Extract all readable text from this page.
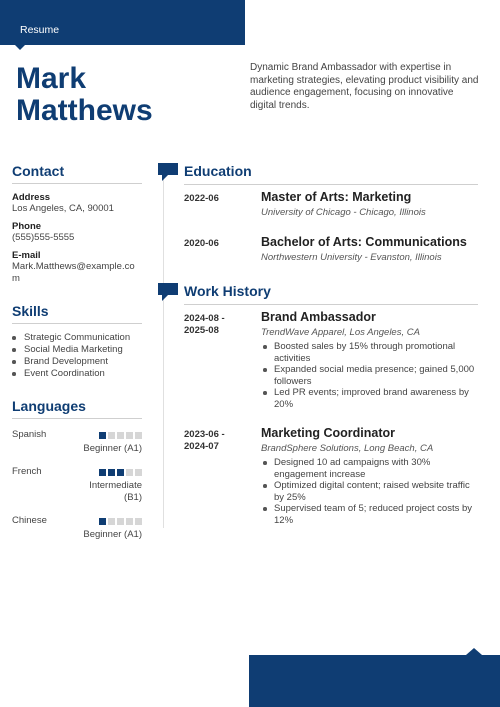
Resume
Mark
Matthews
Dynamic Brand Ambassador with expertise in marketing strategies, elevating product visibility and audience engagement, focusing on innovative digital trends.
Contact
Address
Los Angeles, CA, 90001
Phone
(555)555-5555
E-mail
Mark.Matthews@example.com
Skills
Strategic Communication
Social Media Marketing
Brand Development
Event Coordination
Languages
Spanish
Beginner (A1)
French
Intermediate (B1)
Chinese
Beginner (A1)
Education
2022-06	Master of Arts: Marketing
University of Chicago - Chicago, Illinois
2020-06	Bachelor of Arts: Communications
Northwestern University - Evanston, Illinois
Work History
2024-08 - 2025-08
Brand Ambassador
TrendWave Apparel, Los Angeles, CA
Boosted sales by 15% through promotional activities
Expanded social media presence; gained 5,000 followers
Led PR events; improved brand awareness by 20%
2023-06 - 2024-07
Marketing Coordinator
BrandSphere Solutions, Long Beach, CA
Designed 10 ad campaigns with 30% engagement increase
Optimized digital content; raised website traffic by 25%
Supervised team of 5; reduced project costs by 12%
